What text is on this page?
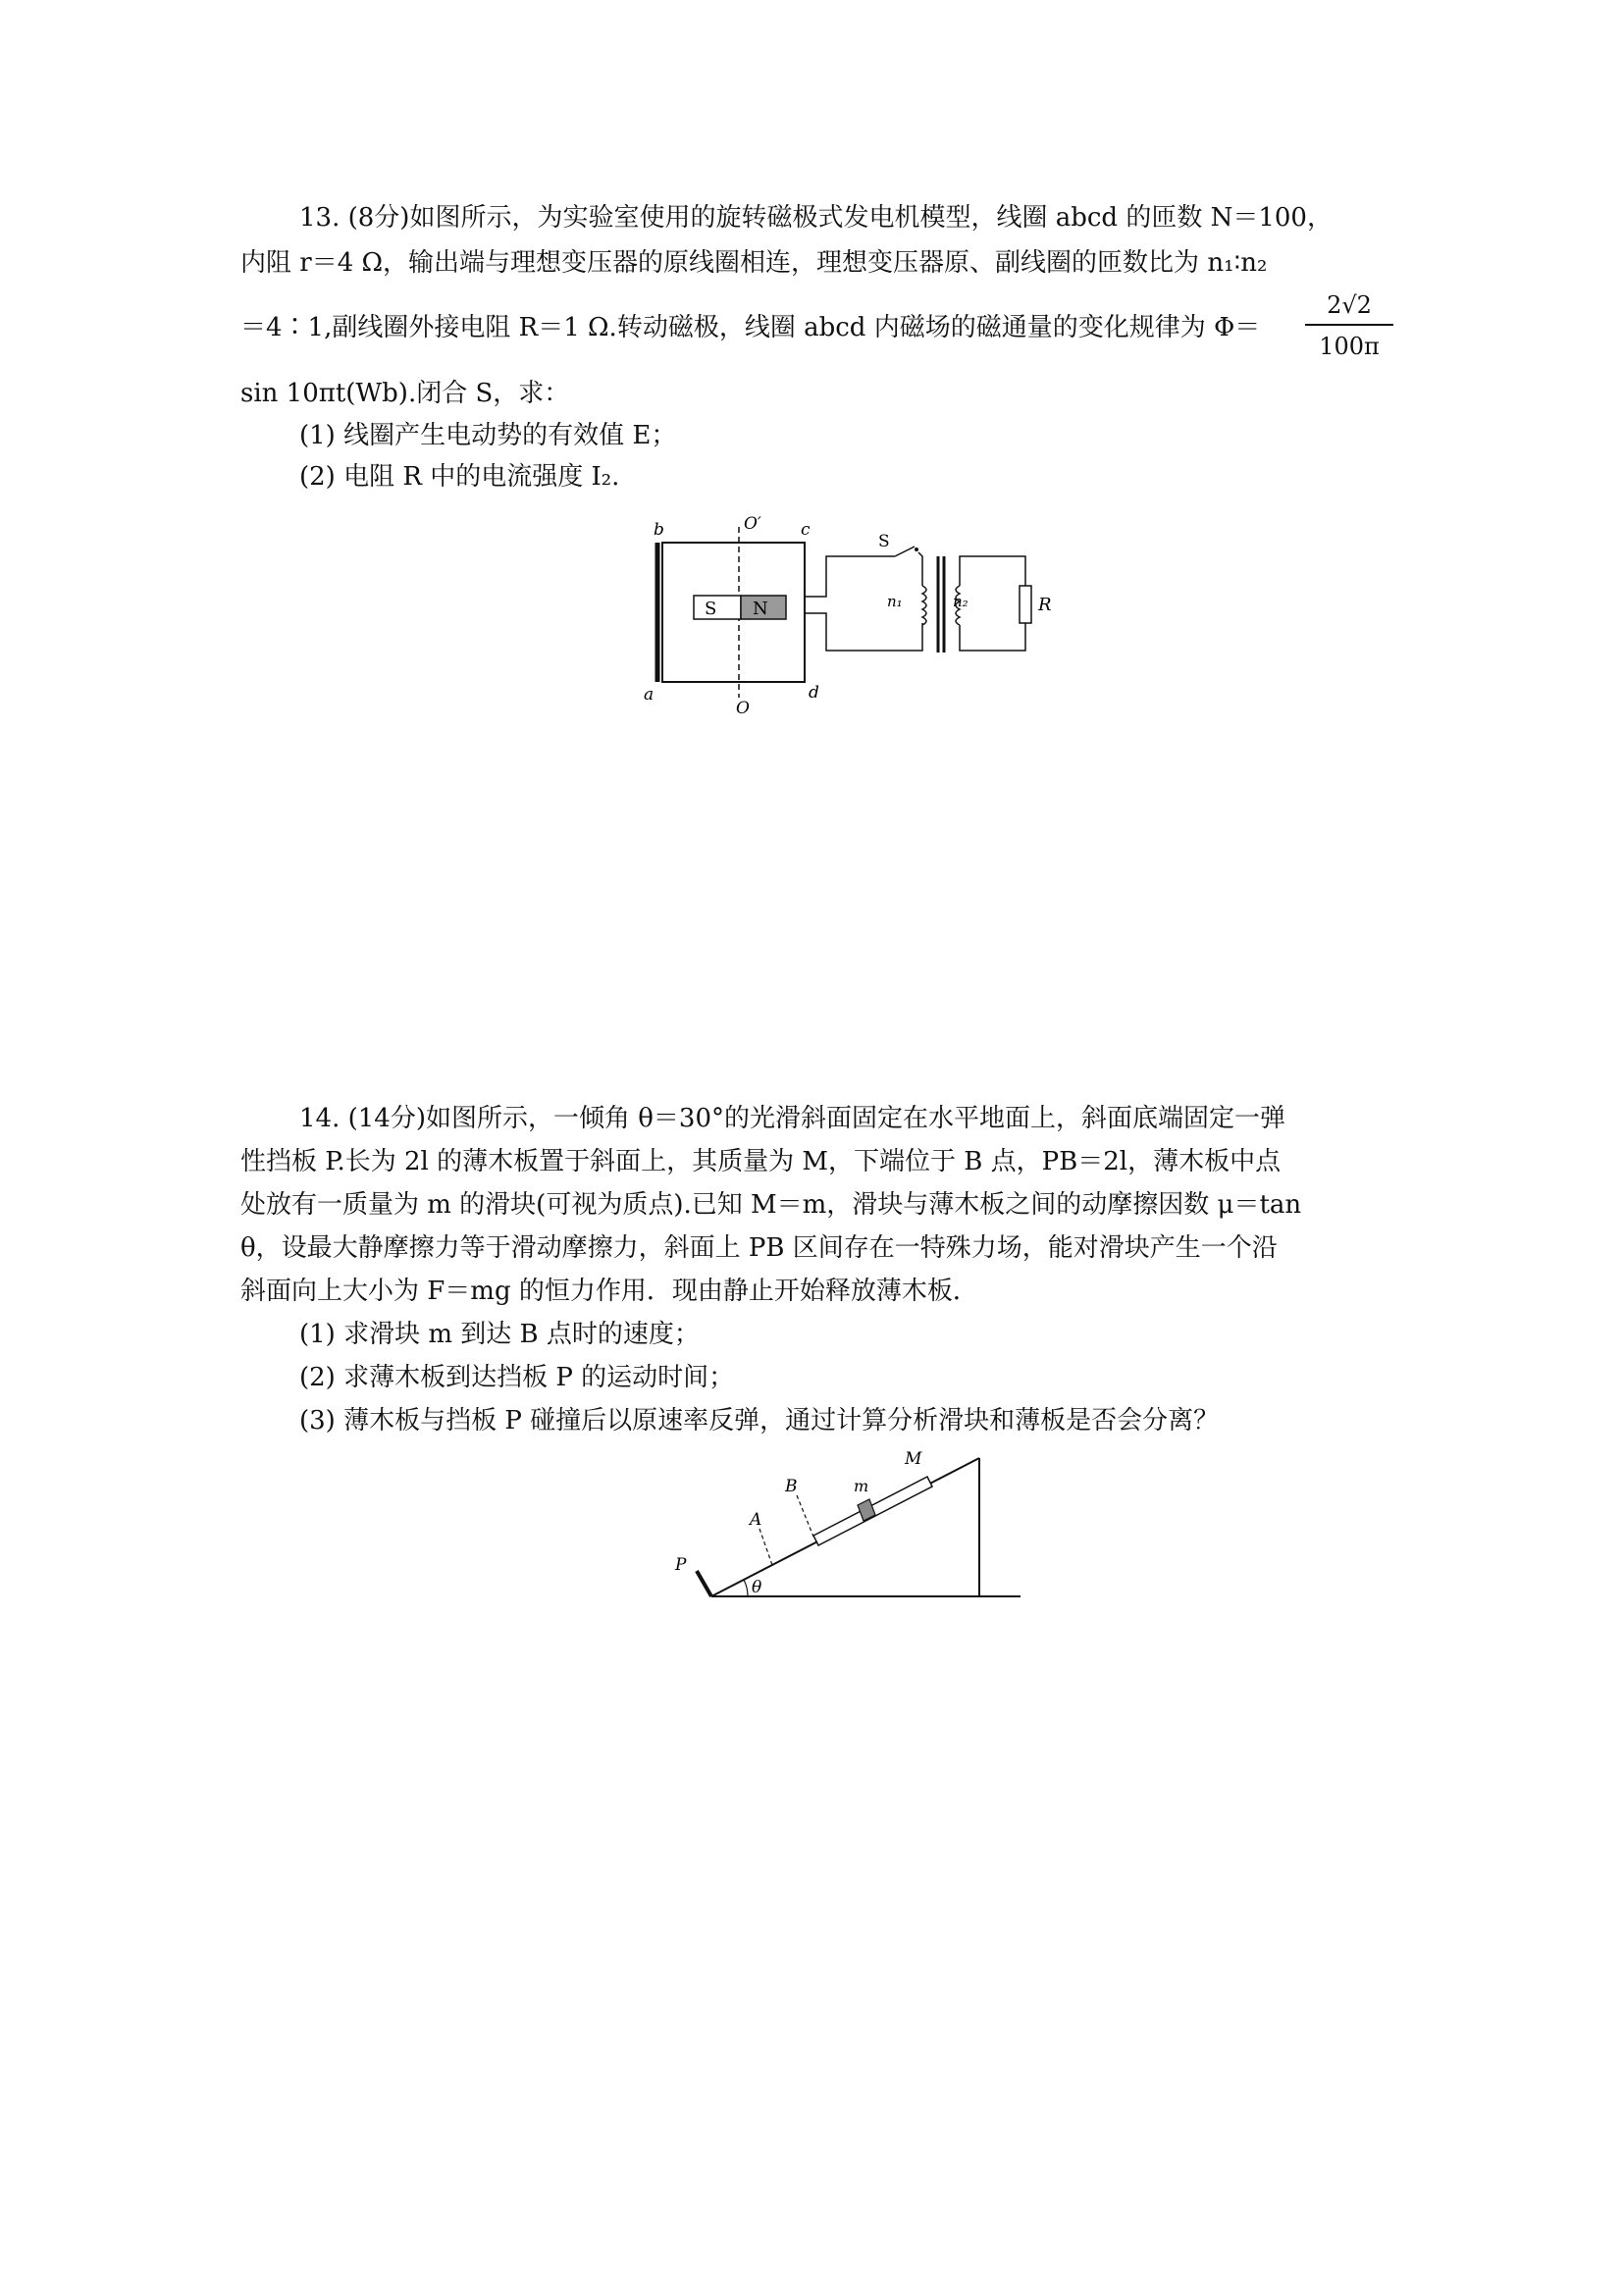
13. (8分)如图所示，为实验室使用的旋转磁极式发电机模型，线圈 abcd 的匝数 N＝100，
内阻 r＝4 Ω，输出端与理想变压器的原线圈相连，理想变压器原、副线圈的匝数比为 n₁∶n₂
＝4∶1,副线圈外接电阻 R＝1 Ω.转动磁极，线圈 abcd 内磁场的磁通量的变化规律为 Φ＝
2√2
100π
sin 10πt(Wb).闭合 S，求：
(1) 线圈产生电动势的有效值 E；
(2) 电阻 R 中的电流强度 I₂.
S N
S
R
n₁	n₂
b	c
a	d
O′
O
14. (14分)如图所示，一倾角 θ＝30°的光滑斜面固定在水平地面上，斜面底端固定一弹
性挡板 P.长为 2l 的薄木板置于斜面上，其质量为 M，下端位于 B 点，PB＝2l，薄木板中点
处放有一质量为 m 的滑块(可视为质点).已知 M＝m，滑块与薄木板之间的动摩擦因数 μ＝tan
θ，设最大静摩擦力等于滑动摩擦力，斜面上 PB 区间存在一特殊力场，能对滑块产生一个沿
斜面向上大小为 F＝mg 的恒力作用．现由静止开始释放薄木板．
(1) 求滑块 m 到达 B 点时的速度；
(2) 求薄木板到达挡板 P 的运动时间；
(3) 薄木板与挡板 P 碰撞后以原速率反弹，通过计算分析滑块和薄板是否会分离？
P
θ
A
B	m
M
